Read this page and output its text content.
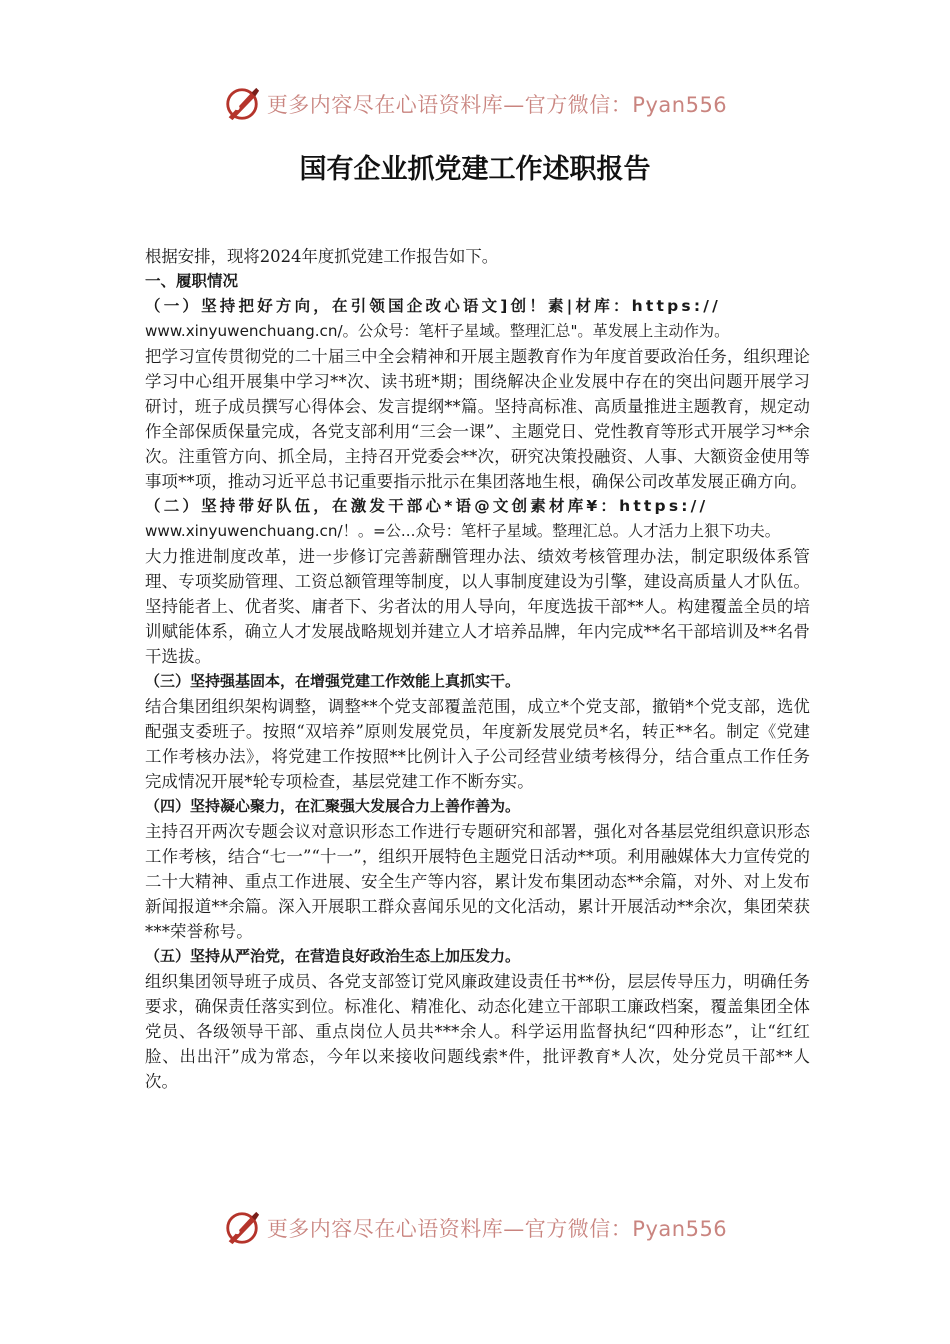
更多内容尽在心语资料库—官方微信：Pyan556
国有企业抓党建工作述职报告

根据安排，现将2024年度抓党建工作报告如下。

一、履职情况

（一）坚持把好方向，在引领国企改心语文]创！素|材库：https://

www.xinyuwenchuang.cn/。公众号：笔杆子星域。整理汇总"。革发展上主动作为。

把学习宣传贯彻党的二十届三中全会精神和开展主题教育作为年度首要政治任务，组织理论学习中心组开展集中学习**次、读书班*期；围绕解决企业发展中存在的突出问题开展学习研讨，班子成员撰写心得体会、发言提纲**篇。坚持高标准、高质量推进主题教育，规定动作全部保质保量完成，各党支部利用“三会一课”、主题党日、党性教育等形式开展学习**余次。注重管方向、抓全局，主持召开党委会**次，研究决策投融资、人事、大额资金使用等事项**项，推动习近平总书记重要指示批示在集团落地生根，确保公司改革发展正确方向。

（二）坚持带好队伍，在激发干部心*语@文创素材库¥：https://

www.xinyuwenchuang.cn/！。=公...众号：笔杆子星域。整理汇总。人才活力上狠下功夫。

大力推进制度改革，进一步修订完善薪酬管理办法、绩效考核管理办法，制定职级体系管理、专项奖励管理、工资总额管理等制度，以人事制度建设为引擎，建设高质量人才队伍。坚持能者上、优者奖、庸者下、劣者汰的用人导向，年度选拔干部**人。构建覆盖全员的培训赋能体系，确立人才发展战略规划并建立人才培养品牌，年内完成**名干部培训及**名骨干选拔。

（三）坚持强基固本，在增强党建工作效能上真抓实干。

结合集团组织架构调整，调整**个党支部覆盖范围，成立*个党支部，撤销*个党支部，选优配强支委班子。按照“双培养”原则发展党员，年度新发展党员*名，转正**名。制定《党建工作考核办法》，将党建工作按照**比例计入子公司经营业绩考核得分，结合重点工作任务完成情况开展*轮专项检查，基层党建工作不断夯实。

（四）坚持凝心聚力，在汇聚强大发展合力上善作善为。

主持召开两次专题会议对意识形态工作进行专题研究和部署，强化对各基层党组织意识形态工作考核，结合“七一”“十一”，组织开展特色主题党日活动**项。利用融媒体大力宣传党的二十大精神、重点工作进展、安全生产等内容，累计发布集团动态**余篇，对外、对上发布新闻报道**余篇。深入开展职工群众喜闻乐见的文化活动，累计开展活动**余次，集团荣获***荣誉称号。

（五）坚持从严治党，在营造良好政治生态上加压发力。

组织集团领导班子成员、各党支部签订党风廉政建设责任书**份，层层传导压力，明确任务要求，确保责任落实到位。标准化、精准化、动态化建立干部职工廉政档案，覆盖集团全体党员、各级领导干部、重点岗位人员共***余人。科学运用监督执纪“四种形态”，让“红红脸、出出汗”成为常态，今年以来接收问题线索*件，批评教育*人次，处分党员干部**人次。

更多内容尽在心语资料库—官方微信：Pyan556
